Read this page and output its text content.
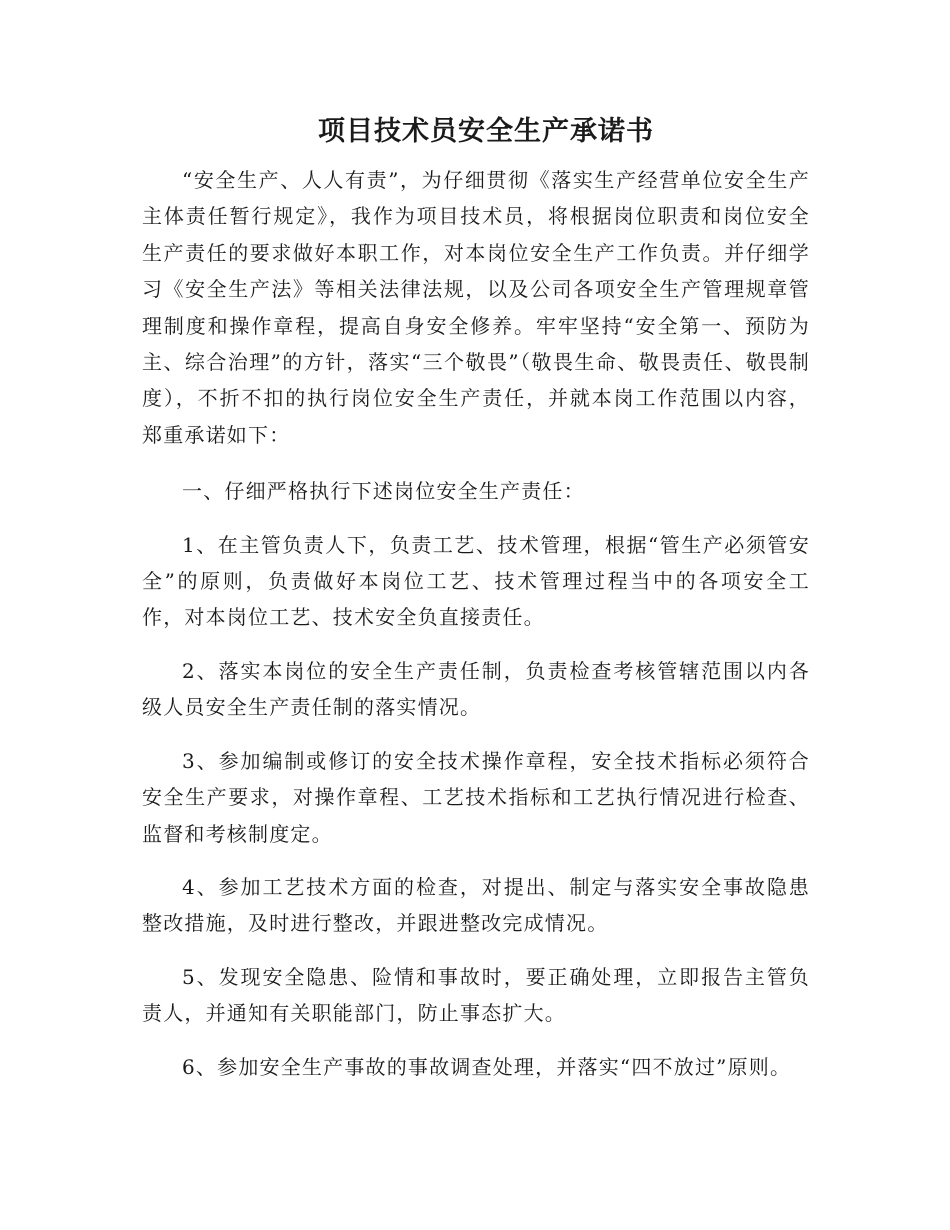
项目技术员安全生产承诺书

“安全生产、人人有责”，为仔细贯彻《落实生产经营单位安全生产主体责任暂行规定》，我作为项目技术员，将根据岗位职责和岗位安全生产责任的要求做好本职工作，对本岗位安全生产工作负责。并仔细学习《安全生产法》等相关法律法规，以及公司各项安全生产管理规章管理制度和操作章程，提高自身安全修养。牢牢坚持“安全第一、预防为主、综合治理”的方针，落实“三个敬畏”（敬畏生命、敬畏责任、敬畏制度），不折不扣的执行岗位安全生产责任，并就本岗工作范围以内容，郑重承诺如下：

一、仔细严格执行下述岗位安全生产责任：

1、在主管负责人下，负责工艺、技术管理，根据“管生产必须管安全”的原则，负责做好本岗位工艺、技术管理过程当中的各项安全工作，对本岗位工艺、技术安全负直接责任。

2、落实本岗位的安全生产责任制，负责检查考核管辖范围以内各级人员安全生产责任制的落实情况。

3、参加编制或修订的安全技术操作章程，安全技术指标必须符合安全生产要求，对操作章程、工艺技术指标和工艺执行情况进行检查、监督和考核制度定。

4、参加工艺技术方面的检查，对提出、制定与落实安全事故隐患整改措施，及时进行整改，并跟进整改完成情况。

5、发现安全隐患、险情和事故时，要正确处理，立即报告主管负责人，并通知有关职能部门，防止事态扩大。

6、参加安全生产事故的事故调查处理，并落实“四不放过”原则。
